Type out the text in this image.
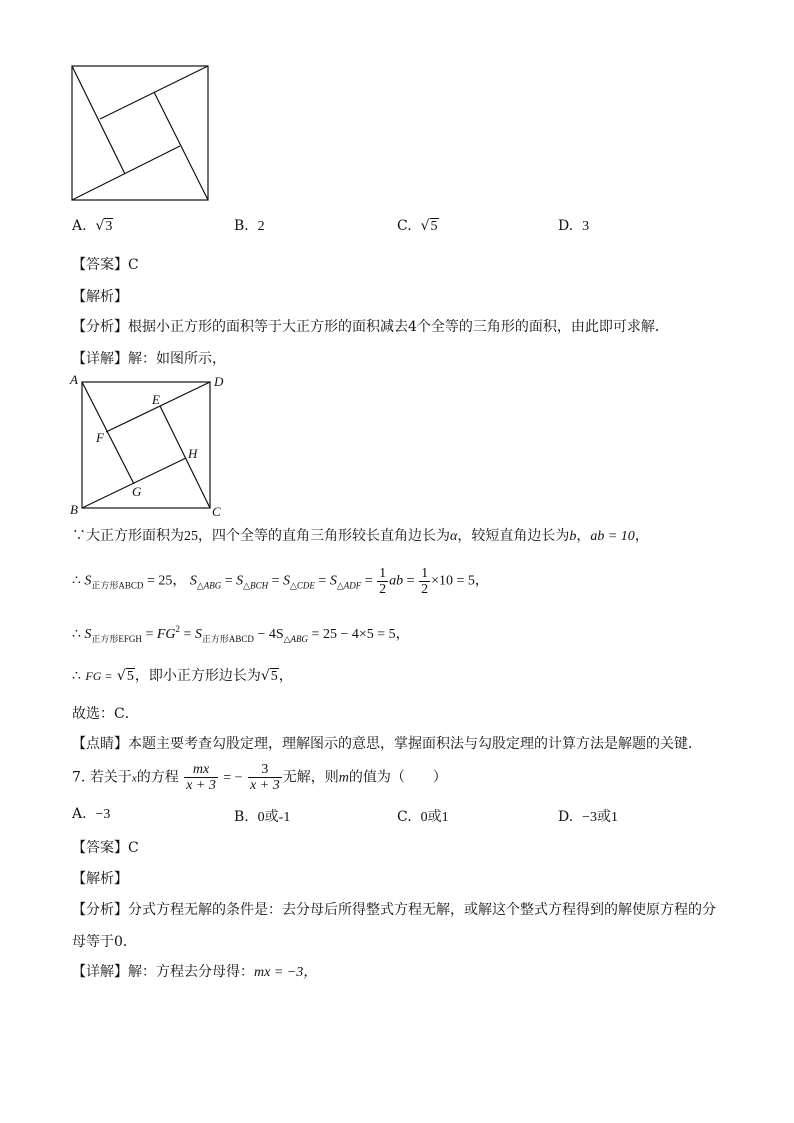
A.  √3	B. 2	C.  √5	D. 3
【答案】C
【解析】
【分析】根据小正方形的面积等于大正方形的面积减去4个全等的三角形的面积，由此即可求解．
【详解】解：如图所示，
A	D
B	C
E
F
G
H
∵大正方形面积为25，四个全等的直角三角形较长直角边长为α，较短直角边长为b，ab = 10，
∴ $S_{正方形ABCD} = 25$， $S_{\triangle ABG} = S_{\triangle BCH} = S_{\triangle CDE} = S_{\triangle ADF} = \frac{1}{2}$ ab = $\frac{1}{2} \times 10 = 5$，
∴ $S_{正方形EFGH} = FG^2 = S_{正方形ABCD} - 4S_{\triangle ABG} = 25 - 4\times 5 = 5$，
∴ FG = √5，即小正方形边长为√5，
故选：C．
【点睛】本题主要考查勾股定理，理解图示的意思，掌握面积法与勾股定理的计算方法是解题的关键．
7. 若关于x的方程 $\frac{mx}{x + 3}$ = − $\frac{3}{x + 3}$ 无解，则m的值为（　　）
A. −3	B. 0或-1	C. 0或1	D. −3或1
【答案】C
【解析】
【分析】分式方程无解的条件是：去分母后所得整式方程无解，或解这个整式方程得到的解使原方程的分
母等于0．
【详解】解：方程去分母得：mx = −3，
